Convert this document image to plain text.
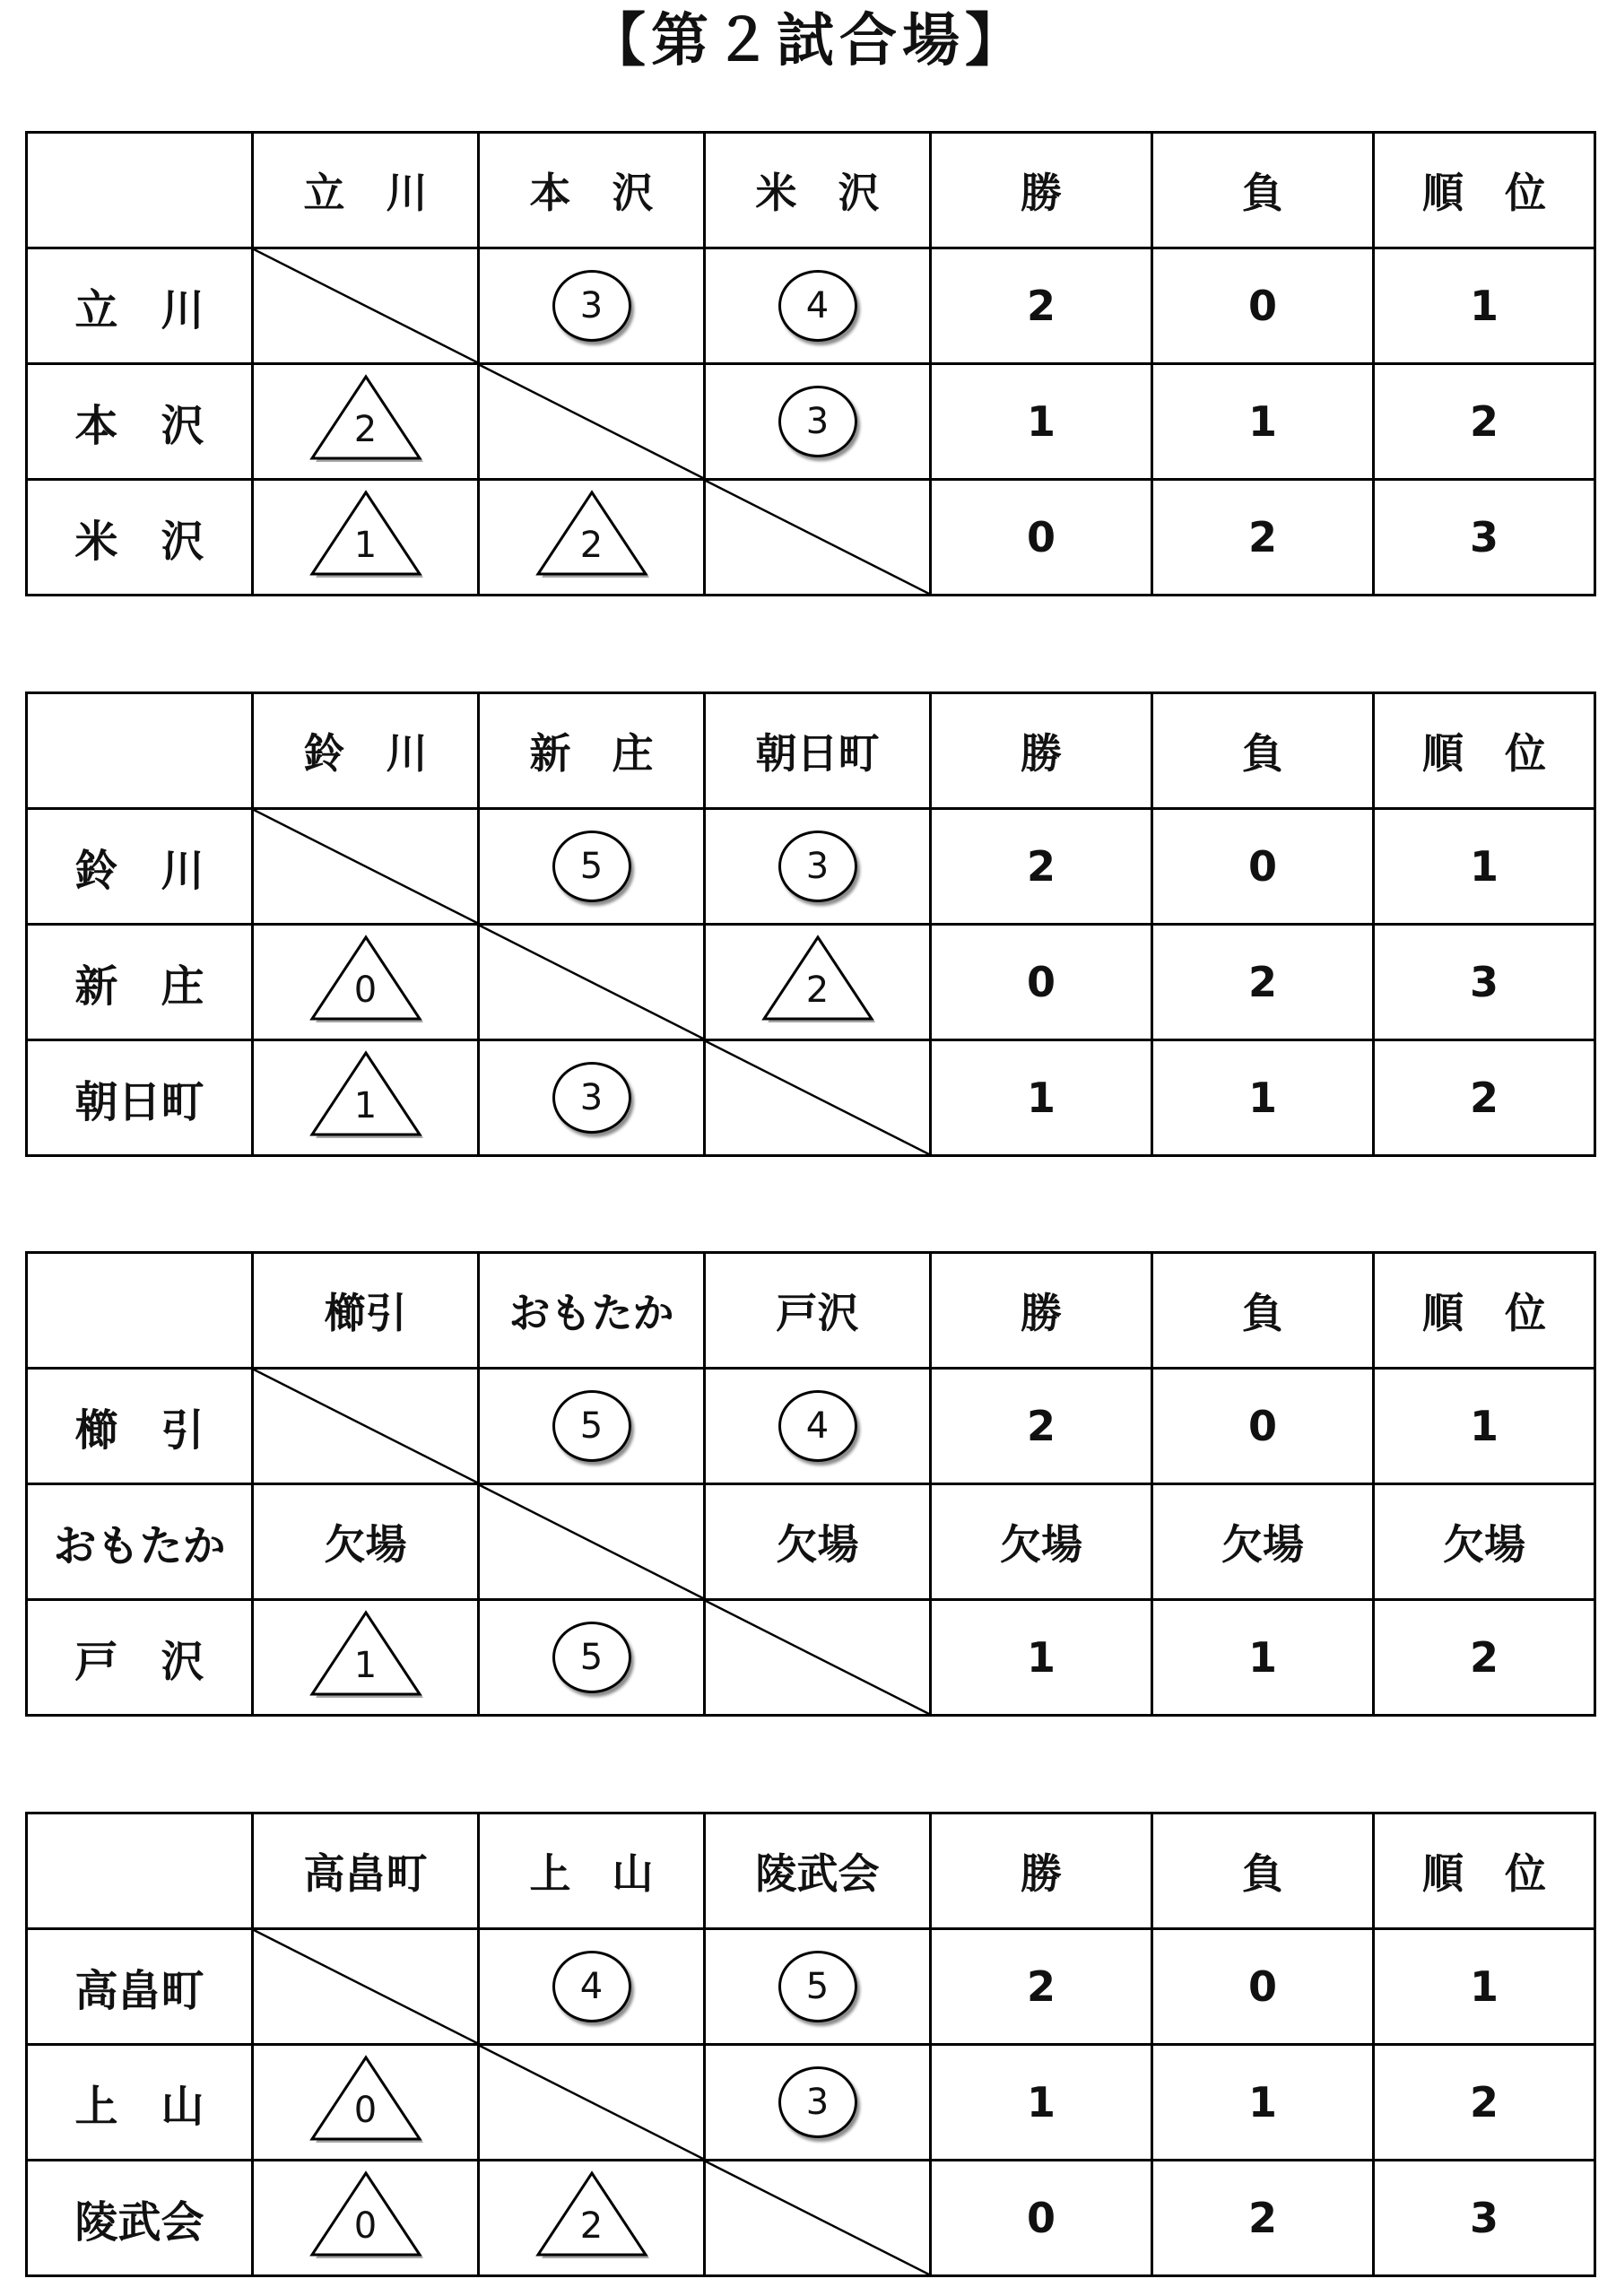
【第２試合場】
	立　川	本　沢	米　沢	勝	負	順　位
立　川		3	4	2	0	1
本　沢	2		3	1	1	2
米　沢	1	2		0	2	3
	鈴　川	新　庄	朝日町	勝	負	順　位
鈴　川		5	3	2	0	1
新　庄	0		2	0	2	3
朝日町	1	3		1	1	2
	櫛引	おもたか	戸沢	勝	負	順　位
櫛　引		5	4	2	0	1
おもたか	欠場		欠場	欠場	欠場	欠場
戸　沢	1	5		1	1	2
	高畠町	上　山	陵武会	勝	負	順　位
高畠町		4	5	2	0	1
上　山	0		3	1	1	2
陵武会	0	2		0	2	3
